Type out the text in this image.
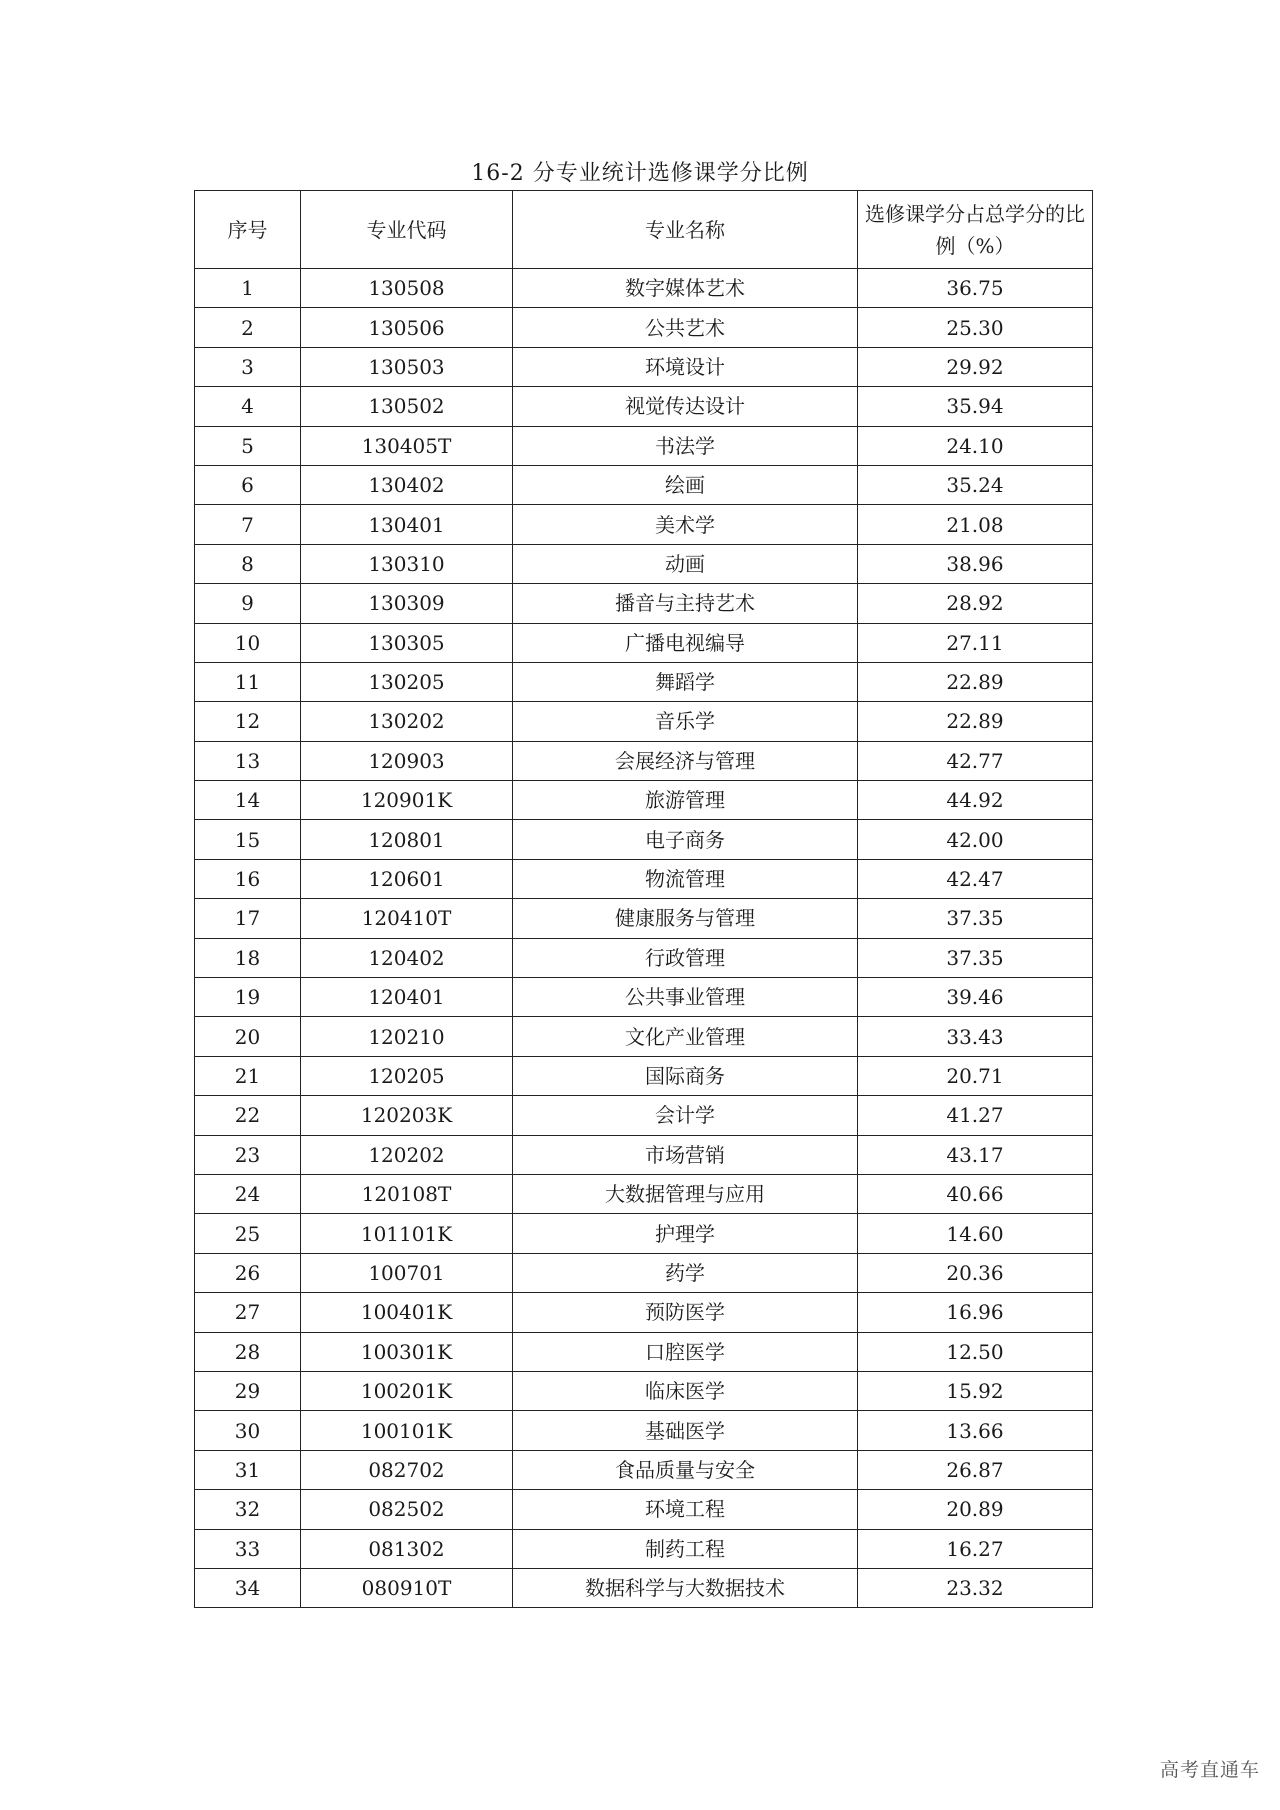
16-2 分专业统计选修课学分比例
序号	专业代码	专业名称	选修课学分占总学分的比例（%）
1	130508	数字媒体艺术	36.75
2	130506	公共艺术	25.30
3	130503	环境设计	29.92
4	130502	视觉传达设计	35.94
5	130405T	书法学	24.10
6	130402	绘画	35.24
7	130401	美术学	21.08
8	130310	动画	38.96
9	130309	播音与主持艺术	28.92
10	130305	广播电视编导	27.11
11	130205	舞蹈学	22.89
12	130202	音乐学	22.89
13	120903	会展经济与管理	42.77
14	120901K	旅游管理	44.92
15	120801	电子商务	42.00
16	120601	物流管理	42.47
17	120410T	健康服务与管理	37.35
18	120402	行政管理	37.35
19	120401	公共事业管理	39.46
20	120210	文化产业管理	33.43
21	120205	国际商务	20.71
22	120203K	会计学	41.27
23	120202	市场营销	43.17
24	120108T	大数据管理与应用	40.66
25	101101K	护理学	14.60
26	100701	药学	20.36
27	100401K	预防医学	16.96
28	100301K	口腔医学	12.50
29	100201K	临床医学	15.92
30	100101K	基础医学	13.66
31	082702	食品质量与安全	26.87
32	082502	环境工程	20.89
33	081302	制药工程	16.27
34	080910T	数据科学与大数据技术	23.32
高考直通车
